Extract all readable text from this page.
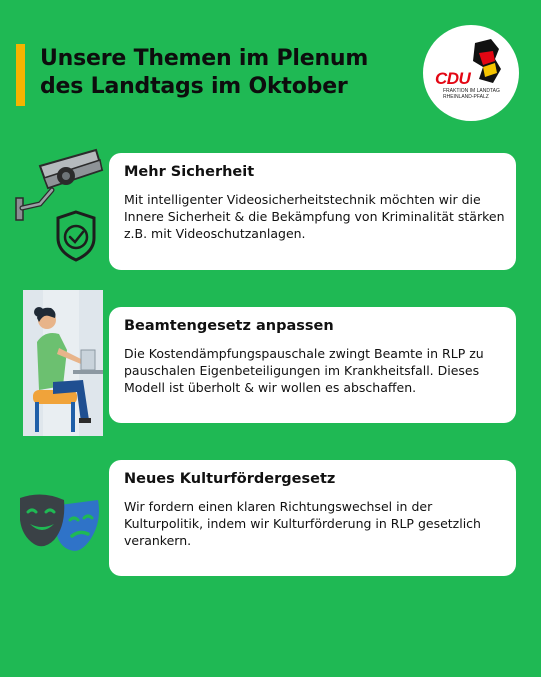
Unsere Themen im Plenum
des Landtags im Oktober	CDU
FRAKTION IM LANDTAG
RHEINLAND-PFALZ
Mehr Sicherheit
Mit intelligenter Videosicherheitstechnik möchten wir die Innere Sicherheit & die Bekämpfung von Kriminalität stärken z.B. mit Videoschutzanlagen.
Beamtengesetz anpassen
Die Kostendämpfungspauschale zwingt Beamte in RLP zu pauschalen Eigenbeteiligungen im Krankheitsfall. Dieses Modell ist überholt & wir wollen es abschaffen.
Neues Kulturfördergesetz
Wir fordern einen klaren Richtungswechsel in der Kulturpolitik, indem wir Kulturförderung in RLP gesetzlich verankern.
